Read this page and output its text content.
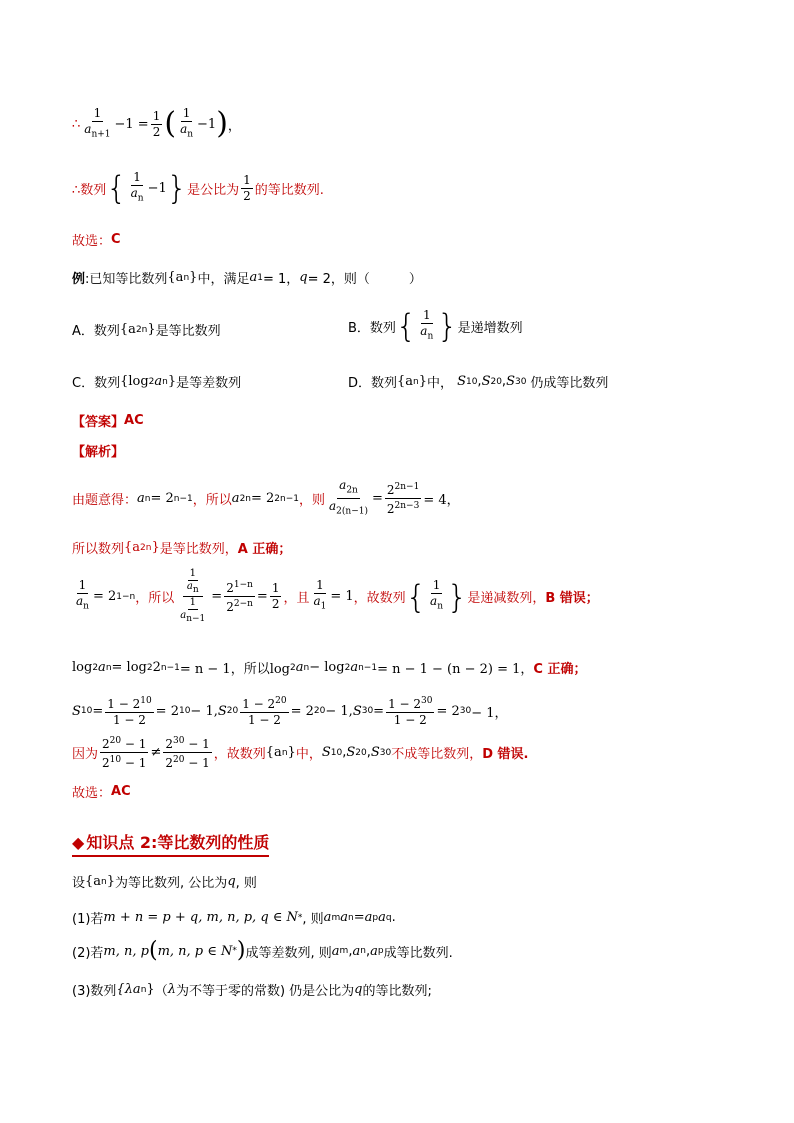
∴ $\frac{1}{a_{n+1}} -1 = \frac{1}{2}$ ( $\frac{1}{a_n} -1$ ) ，
∴数列 { $\frac{1}{a_n} -1$ } 是公比为 $\frac{1}{2}$ 的等比数列.
故选： C
例 :已知等比数列 {a n } 中，满足 a 1 = 1， q = 2，则（　　　）
A．数列 {a 2n } 是等比数列	B．数列 { $\frac{1}{a_n}$ } 是递增数列
C．数列 {log 2 a n } 是等差数列	D．数列 {a n } 中， S 10 , S 20 , S 30 仍成等比数列
【答案】 AC
【解析】
由题意得： a n = 2 n−1 ，所以 a 2n = 2 2n−1 ，则 $\frac{a_{2n}}{a_{2(n-1)}} = \frac{2^{2n-1}}{2^{2n-3}} = 4$，
所以数列 {a 2n } 是等比数列， A 正确；
$\frac{1}{a_n} = 2$ 1−n ，所以 $\frac{\frac{1}{a_n}}{\frac{1}{a_{n-1}}} = \frac{2^{1-n}}{2^{2-n}} = \frac{1}{2}$ ，且 $\frac{1}{a_1} = 1$ ，故数列 { $\frac{1}{a_n}$ } 是递减数列， B 错误；
log 2 a n = log 2 2 n−1 = n − 1，所以log 2 a n − log 2 a n−1 = n − 1 − (n − 2) = 1， C 正确；
S $10 = \frac{1 - 2^{10}}{1 - 2} = 2$ 10 − 1, S $20 \frac{1 - 2^{20}}{1 - 2} = 2$ 20 − 1, S $30 = \frac{1 - 2^{30}}{1 - 2} = 2$ 30 − 1，
因为 $\frac{2^{20} - 1}{2^{10} - 1} \ne \frac{2^{30} - 1}{2^{20} - 1}$ ，故数列 {a n } 中， S 10 , S 20 , S 30 不成等比数列， D 错误.
故选： AC
◆ 知识点 2:等比数列的性质
设 {a n } 为等比数列, 公比为 q , 则
(1)若 m + n = p + q, m, n, p, q ∈ N * , 则 a m a n = a p a q .
(2)若 m, n, p ( m, n, p ∈ N * ) 成等差数列, 则 a m , a n , a p 成等比数列.
(3)数列 {λa n } （ λ 为不等于零的常数) 仍是公比为 q 的等比数列;
